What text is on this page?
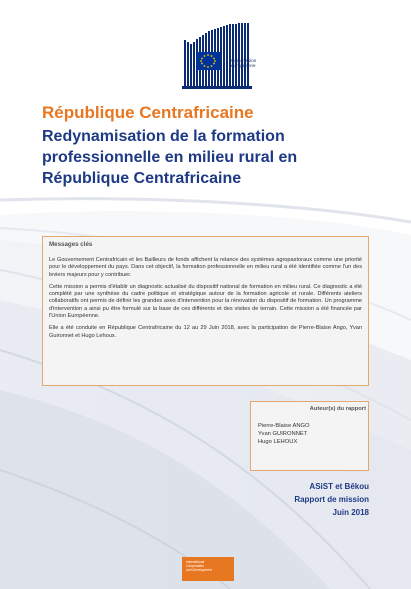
Commission
européenne
République Centrafricaine
Redynamisation de la formation professionnelle en milieu rural en République Centrafricaine
Messages clés

Le Gouvernement Centrafricain et les Bailleurs de fonds affichent la relance des systèmes agropastoraux comme une priorité pour le développement du pays. Dans cet objectif, la formation professionnelle en milieu rural a été identifiée comme l'un des leviers majeurs pour y contribuer.

Cette mission a permis d'établir un diagnostic actualisé du dispositif national de formation en milieu rural. Ce diagnostic a été complété par une synthèse du cadre politique et stratégique autour de la formation agricole et rurale. Différents ateliers collaboratifs ont permis de définir les grandes axes d'intervention pour la rénovation du dispositif de formation. Un programme d'intervention a ainsi pu être formulé sur la base de ces différents et des visites de terrain. Cette mission a été financée par l'Union Européenne.

Elle a été conduite en République Centrafricaine du 12 au 29 Juin 2018, avec la participation de Pierre-Blaise Ango, Yvan Guironnet et Hugo Lehoux.

Auteur(s) du rapport
Pierre-Blaise ANGO
Yvan GUIRONNET
Hugo LEHOUX
ASiST et Bêkou
Rapport de mission
Juin 2018
International
Cooperation
and Development
